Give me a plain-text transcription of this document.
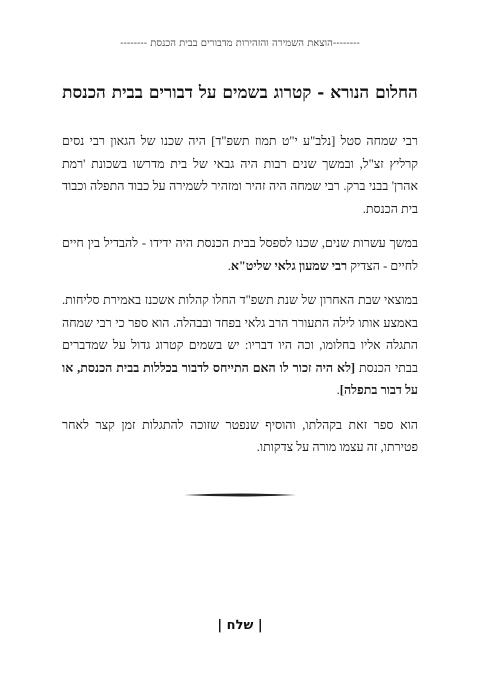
--------הוצאת השמירה והזהירות מדבורים בבית הכנסת --------
החלום הנורא - קטרוג בשמים על דבורים בבית הכנסת

רבי שמחה סטל [נלב"ע י"ט תמוז תשפ"ד] היה שכנו של הגאון רבי נסים קרליץ זצ"ל, ובמשך שנים רבות היה גבאי של בית מדרשו בשכונת 'רמת אהרן' בבני ברק. רבי שמחה היה זהיר ומזהיר לשמירה על כבוד התפלה וכבוד בית הכנסת.

במשך עשרות שנים, שכנו לספסל בבית הכנסת היה ידידו - להבדיל בין חיים לחיים - הצדיק רבי שמעון גלאי שליט"א.

במוצאי שבת האחרון של שנת תשפ"ד החלו קהלות אשכנז באמירת סליחות. באמצע אותו לילה התעורר הרב גלאי בפחד ובבהלה. הוא ספר כי רבי שמחה התגלה אליו בחלומו, וכה היו דבריו: יש בשמים קטרוג גדול על שמדברים בבתי הכנסת [לא היה זכור לו האם התייחס לדבור בכללות בבית הכנסת, או על דבור בתפלה].

הוא ספר זאת בקהלתו, והוסיף שנפטר שזוכה להתגלות זמן קצר לאחר פטירתו, זה עצמו מורה על צדקותו.

| שלח |
